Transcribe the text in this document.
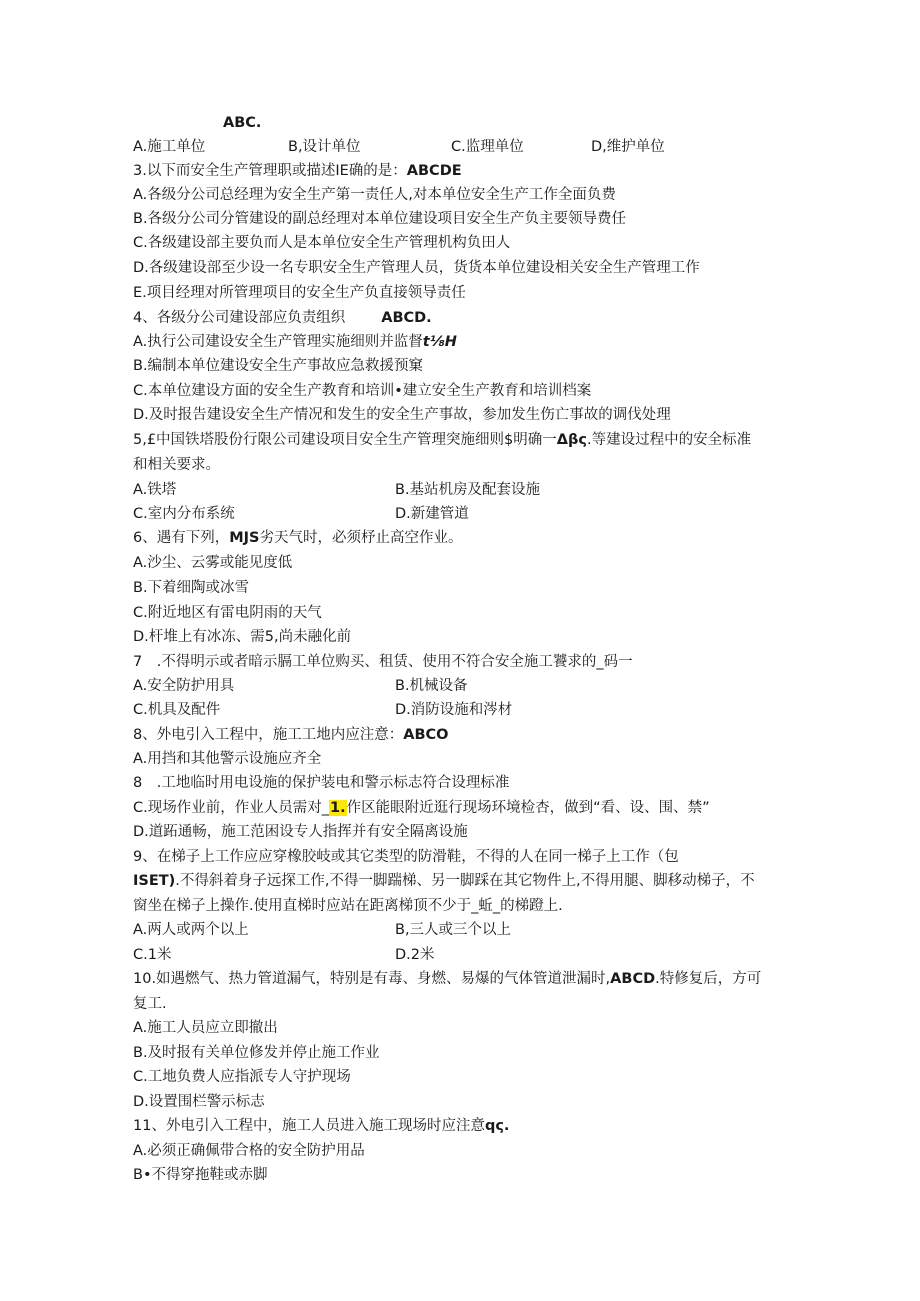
ABC.
A.施工单位	B,设计单位	C.监理单位	D,维护单位
3.以下而安全生产管理职或描述IE确的是：ABCDE
A.各级分公司总经理为安全生产第一责任人,对本单位安全生产工作全面负费
B.各级分公司分管建设的副总经理对本单位建设项目安全生产负主要领导费任
C.各级建设部主要负而人是本单位安全生产管理机构负田人
D.各级建设部至少设一名专职安全生产管理人员，货货本单位建设相关安全生产管理工作
E.项目经理对所管理项目的安全生产负直接领导责任
4、各级分公司建设部应负责组织 ABCD.
A.执行公司建设安全生产管理实施细则并监督t⅛H
B.编制本单位建设安全生产事故应急救援预窠
C.本单位建设方面的安全生产教育和培训•建立安全生产教育和培训档案
D.及时报告建设安全生产情况和发生的安全生产事故，参加发生伤亡事故的调伐处理
5,£中国铁塔股份行限公司建设项目安全生产管理突施细则$明确一Δβς.等建设过程中的安全标准
和相关要求。
A.铁塔	B.基站机房及配套设施
C.室内分布系统	D.新建管道
6、遇有下列，MJS劣天气时，必须杼止高空作业。
A.沙尘、云雾或能见度低
B.下着细陶或冰雪
C.附近地区有雷电阴雨的天气
D.杆堆上有冰冻、需5,尚未融化前
7　.不得明示或者暗示膈工单位购买、租赁、使用不符合安全施工饕求的_码一
A.安全防护用具	B.机械设备
C.机具及配件	D.消防设施和涔材
8、外电引入工程中，施工工地内应注意：ABCO
A.用挡和其他警示设施应齐全
8　.工地临时用电设施的保护装电和警示标志符合设理标准
C.现场作业前，作业人员需对_1.作区能眼附近逛行现场环境检杏，做到“看、设、围、禁”
D.道跖通畅，施工范困设专人指挥并有安全隔离设施
9、在梯子上工作应应穿橡胶岐或其它类型的防滑鞋，不得的人在同一梯子上工作（包
ISET).不得斜着身子远探工作,不得一脚踹梯、另一脚踩在其它物件上,不得用腿、脚移动梯子，不
窗坐在梯子上操作.使用直梯时应站在距离梯顶不少于_蚯_的梯蹬上.
A.两人或两个以上	B,三人或三个以上
C.1米	D.2米
10.如遇燃气、热力管道漏气，特别是有毒、身燃、易爆的气体管道泄漏时,ABCD.特修复后，方可
复工.
A.施工人员应立即撤出
B.及时报有关单位修发并停止施工作业
C.工地负费人应指派专人守护现场
D.设置围栏警示标志
11、外电引入工程中，施工人员进入施工现场时应注意qς.
A.必须正确佩带合格的安全防护用品
B•不得穿拖鞋或赤脚
